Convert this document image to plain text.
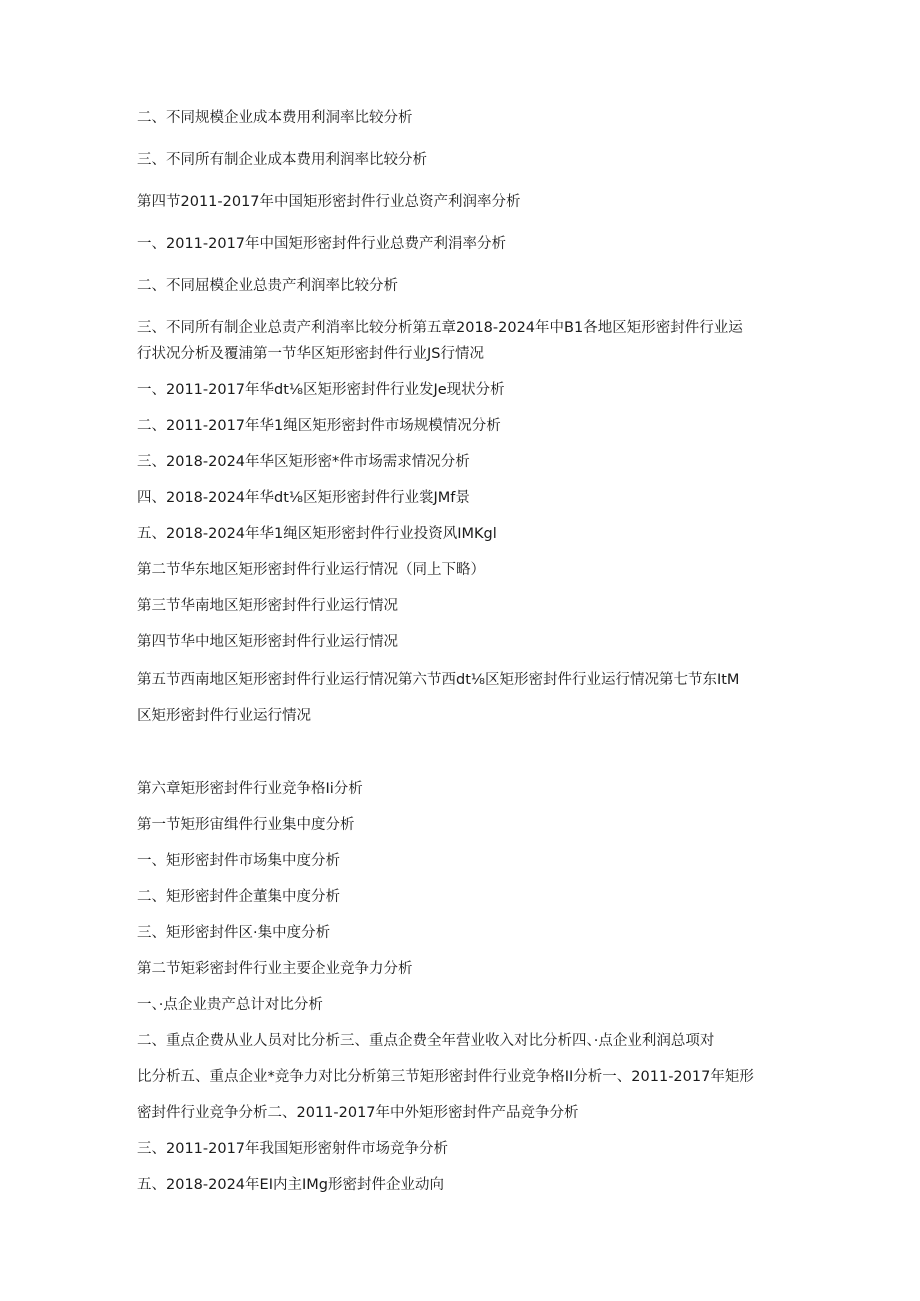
二、不同规模企业成本费用利洞率比较分析
三、不同所有制企业成本费用利润率比较分析
第四节2011-2017年中国矩形密封件行业总资产利润率分析
一、2011-2017年中国矩形密封件行业总费产利涓率分析
二、不同屈模企业总贵产利润率比较分析
三、不同所有制企业总责产利消率比较分析第五章2018-2024年中B1各地区矩形密封件行业运
行状况分析及覆浦第一节华区矩形密封件行业JS行情况
一、2011-2017年华dt⅛区矩形密封件行业发Je现状分析
二、2011-2017年华1绳区矩形密封件市场规模情况分析
三、2018-2024年华区矩形密*件市场需求情况分析
四、2018-2024年华dt⅛区矩形密封件行业裳JMf景
五、2018-2024年华1绳区矩形密封件行业投资风IMKgl
第二节华东地区矩形密封件行业运行情况（同上下略）
第三节华南地区矩形密封件行业运行情况
第四节华中地区矩形密封件行业运行情况
第五节西南地区矩形密封件行业运行情况第六节西dt⅛区矩形密封件行业运行情况第七节东ItM
区矩形密封件行业运行情况
第六章矩形密封件行业竞争格Ii分析
第一节矩形宙缉件行业集中度分析
一、矩形密封件市场集中度分析
二、矩形密封件企董集中度分析
三、矩形密封件区·集中度分析
第二节矩彩密封件行业主要企业竞争力分析
一、·点企业贵产总计对比分析
二、重点企费从业人员对比分析三、重点企费全年营业收入对比分析四、·点企业利润总项对
比分析五、重点企业*竞争力对比分析第三节矩形密封件行业竞争格II分析一、2011-2017年矩形
密封件行业竞争分析二、2011-2017年中外矩形密封件产品竞争分析
三、2011-2017年我国矩形密射件市场竞争分析
五、2018-2024年EI内主IMg形密封件企业动向
